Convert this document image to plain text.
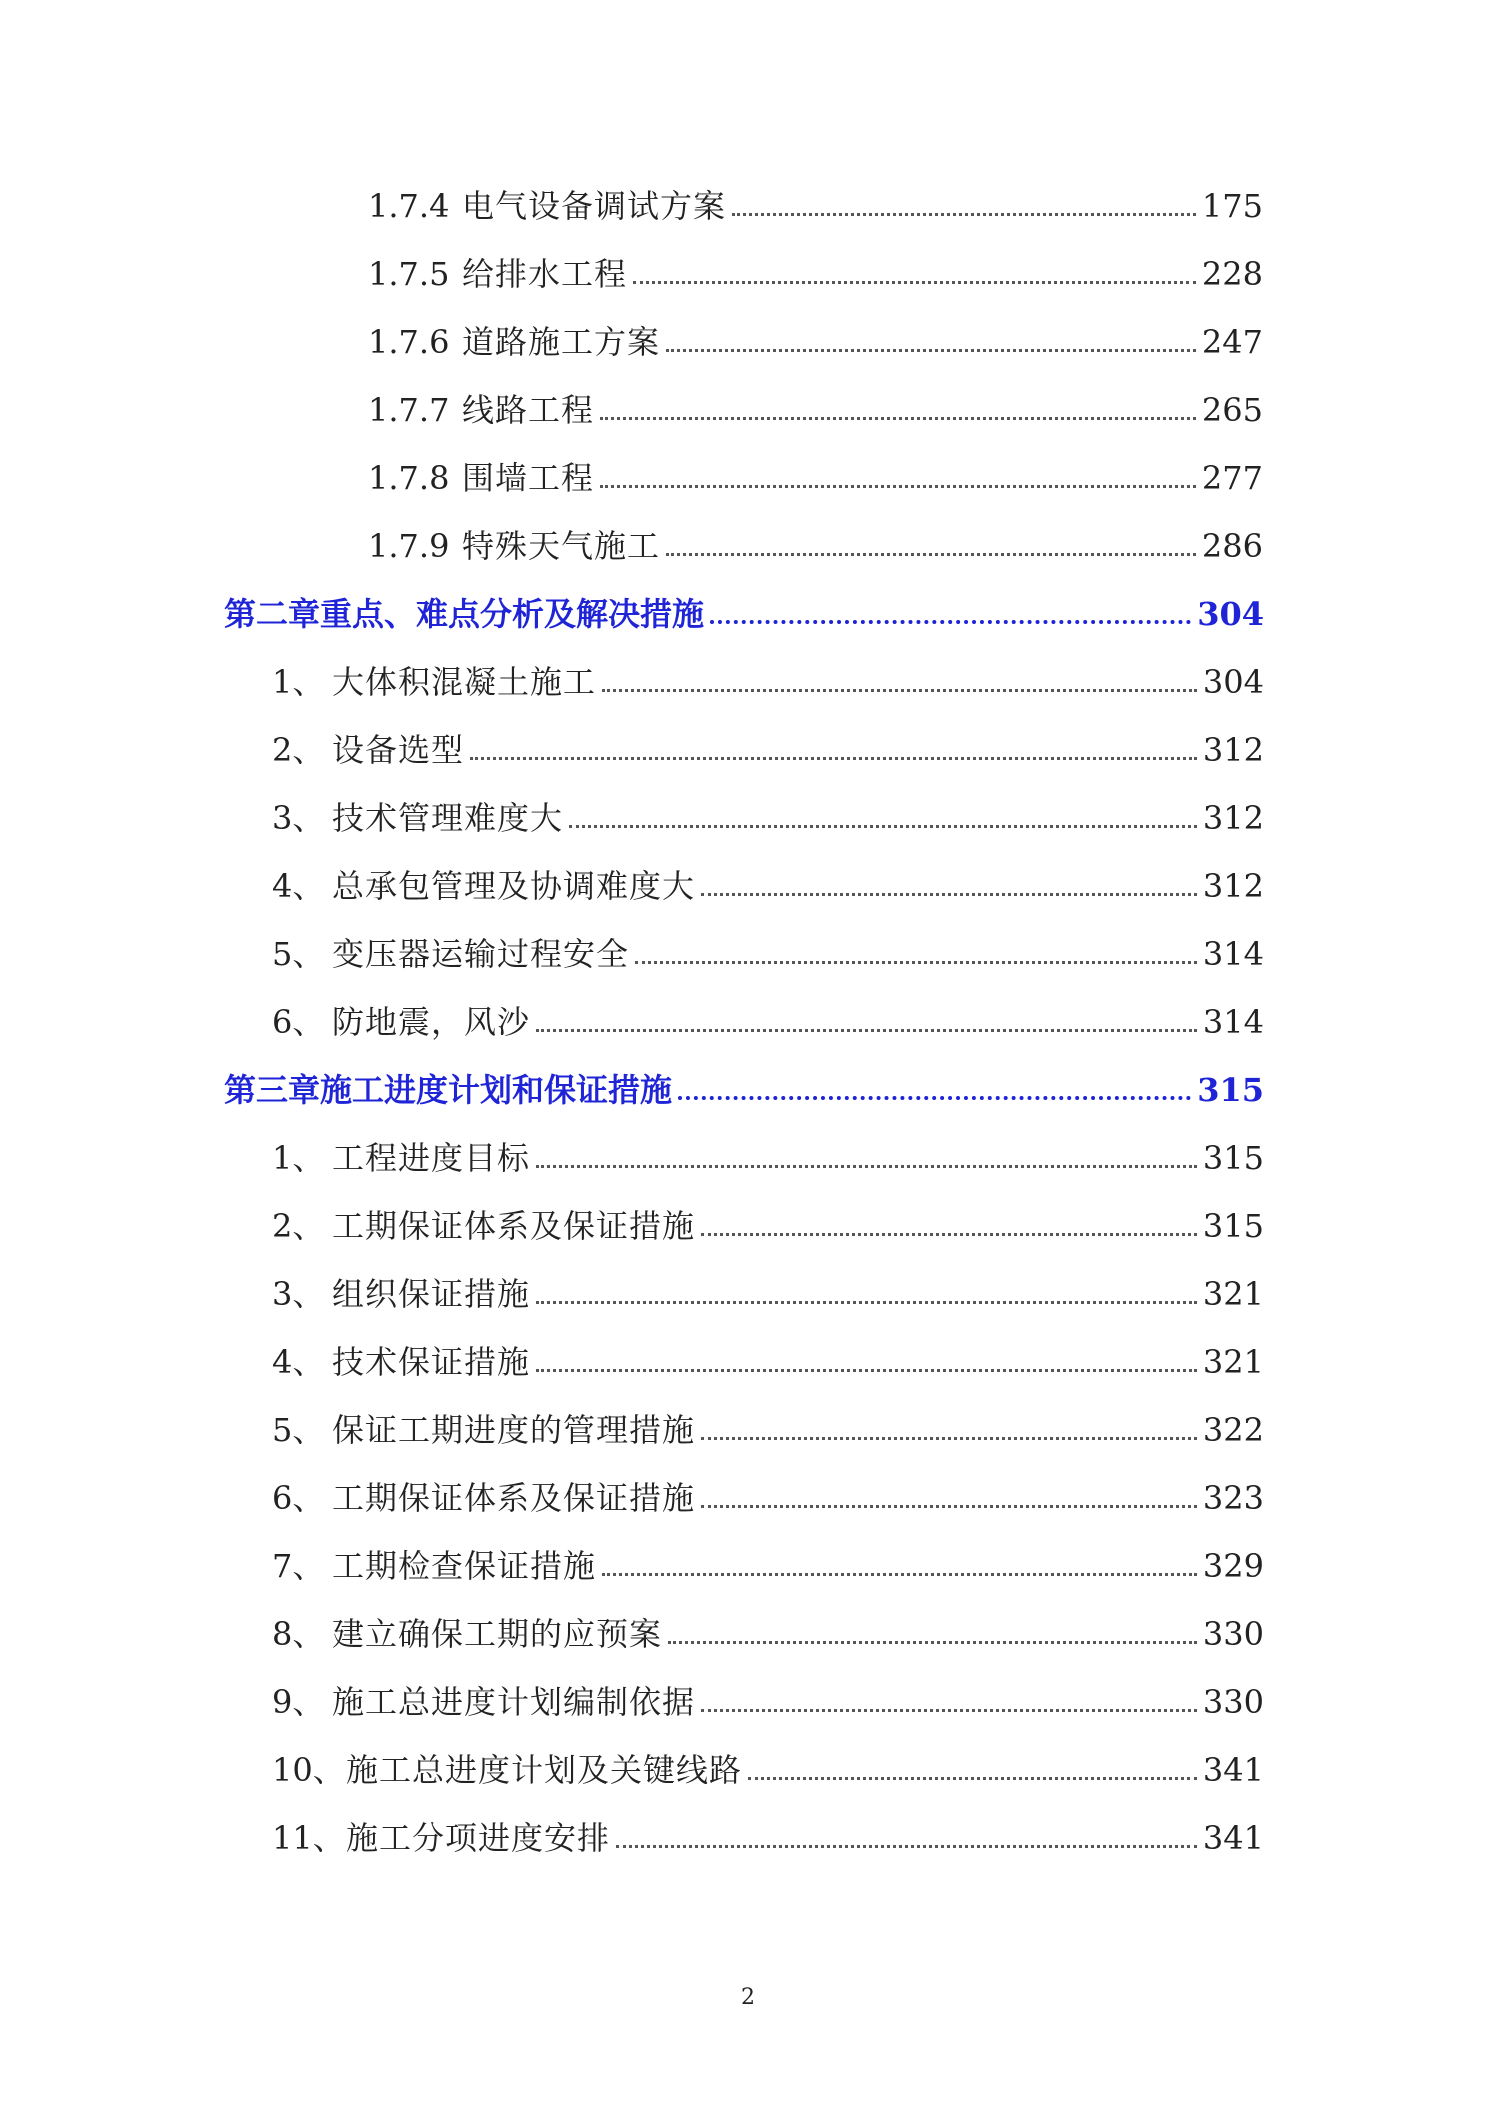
1.7.4 电气设备调试方案	175
1.7.5 给排水工程	228
1.7.6 道路施工方案	247
1.7.7 线路工程	265
1.7.8 围墙工程	277
1.7.9 特殊天气施工	286
第二章重点、难点分析及解决措施	304
1、 大体积混凝土施工	304
2、 设备选型	312
3、 技术管理难度大	312
4、 总承包管理及协调难度大	312
5、 变压器运输过程安全	314
6、 防地震，风沙	314
第三章施工进度计划和保证措施	315
1、 工程进度目标	315
2、 工期保证体系及保证措施	315
3、 组织保证措施	321
4、 技术保证措施	321
5、 保证工期进度的管理措施	322
6、 工期保证体系及保证措施	323
7、 工期检查保证措施	329
8、 建立确保工期的应预案	330
9、 施工总进度计划编制依据	330
10、 施工总进度计划及关键线路	341
11、 施工分项进度安排	341
2
